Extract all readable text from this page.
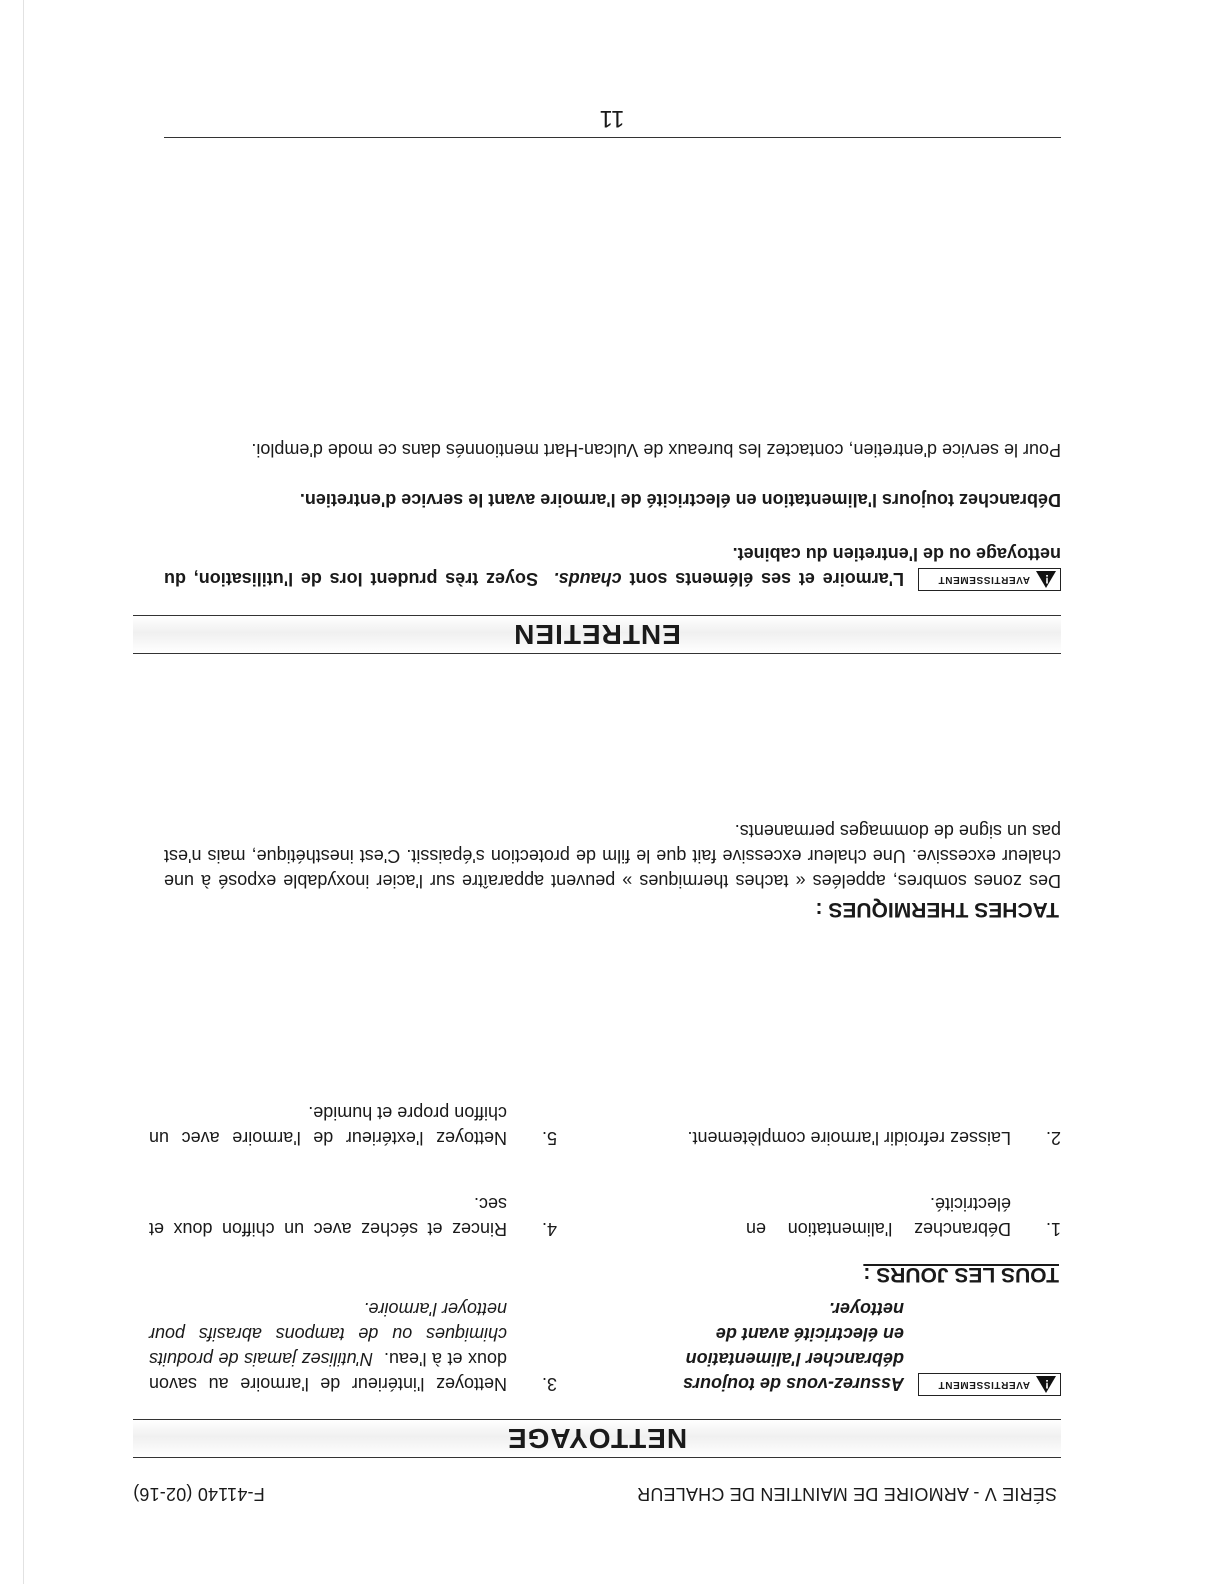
SÉRIE V - ARMOIRE DE MAINTIEN DE CHALEUR
F-41140 (02-16)
NETTOYAGE
!
AVERTISSEMENT
Assurez-vous de toujours débrancher l'alimentation en électricité avant de nettoyer.
TOUS LES JOURS :
1.
Débranchez l'alimentation en électricité.
2.
Laissez refroidir l'armoire complètement.
3.
Nettoyez l'intérieur de l'armoire au savon doux et à l'eau.  N'utilisez jamais de produits chimiques ou de tampons abrasifs pour nettoyer l'armoire.
4.
Rincez et séchez avec un chiffon doux et sec.
5.
Nettoyez l'extérieur de l'armoire avec un chiffon propre et humide.
TACHES THERMIQUES :
Des zones sombres, appelées « taches thermiques » peuvent apparaître sur l'acier inoxydable exposé à une chaleur excessive. Une chaleur excessive fait que le film de protection s'épaissit. C'est inesthétique, mais n'est pas un signe de dommages permanents.
ENTRETIEN
!
AVERTISSEMENT
L'armoire et ses éléments sont chauds.  Soyez très prudent lors de l'utilisation, du nettoyage ou de l'entretien du cabinet.
Débranchez toujours l'alimentation en électricité de l'armoire avant le service d'entretien.
Pour le service d'entretien, contactez les bureaux de Vulcan-Hart mentionnés dans ce mode d'emploi.
11
